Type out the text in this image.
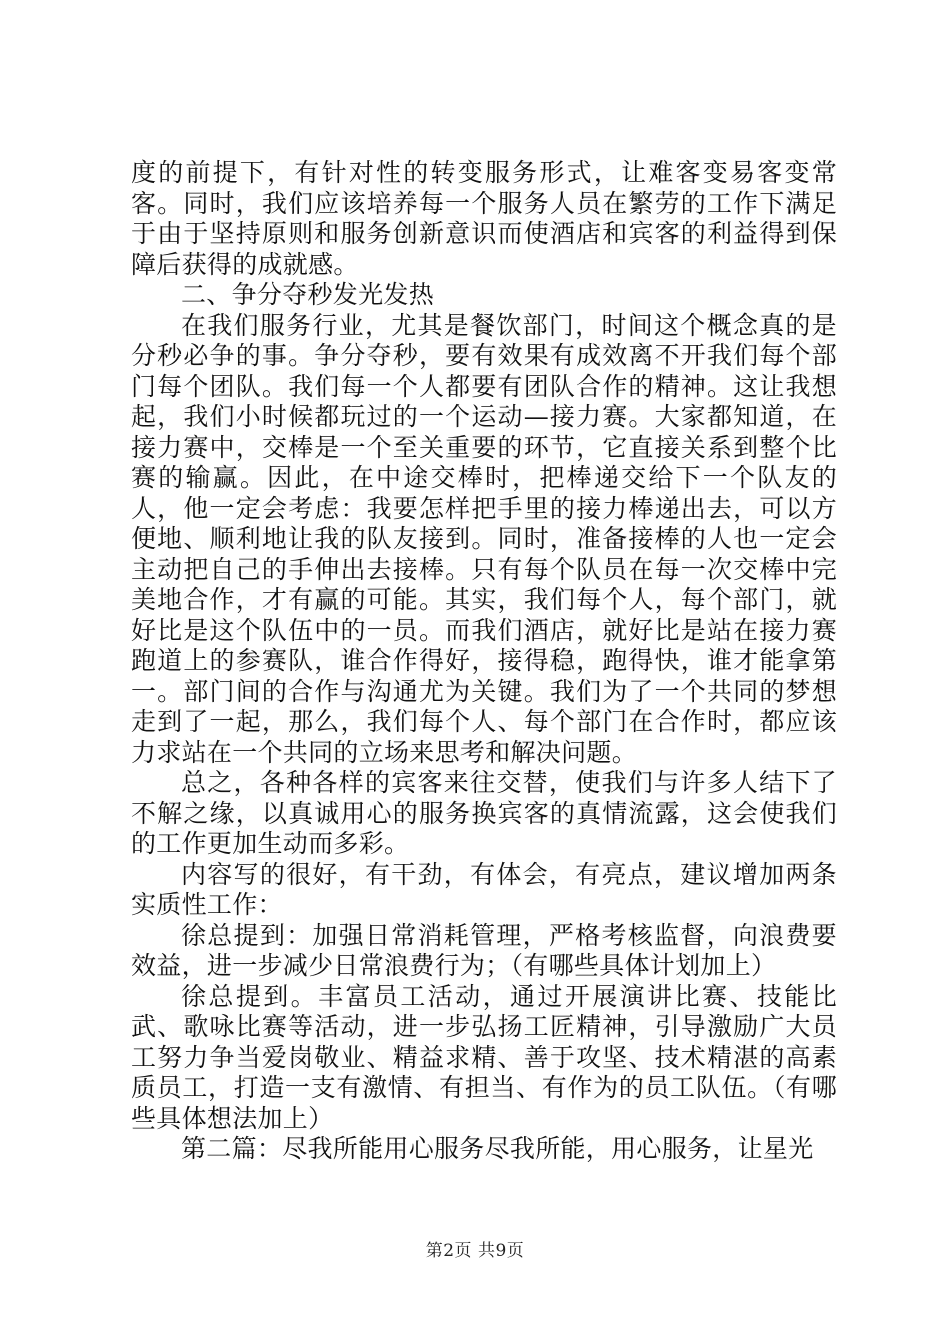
度的前提下，有针对性的转变服务形式，让难客变易客变常客。同时，我们应该培养每一个服务人员在繁劳的工作下满足于由于坚持原则和服务创新意识而使酒店和宾客的利益得到保障后获得的成就感。

二、争分夺秒发光发热

在我们服务行业，尤其是餐饮部门，时间这个概念真的是分秒必争的事。争分夺秒，要有效果有成效离不开我们每个部门每个团队。我们每一个人都要有团队合作的精神。这让我想起，我们小时候都玩过的一个运动—接力赛。大家都知道，在接力赛中，交棒是一个至关重要的环节，它直接关系到整个比赛的输赢。因此，在中途交棒时，把棒递交给下一个队友的人，他一定会考虑：我要怎样把手里的接力棒递出去，可以方便地、顺利地让我的队友接到。同时，准备接棒的人也一定会主动把自己的手伸出去接棒。只有每个队员在每一次交棒中完美地合作，才有赢的可能。其实，我们每个人，每个部门，就好比是这个队伍中的一员。而我们酒店，就好比是站在接力赛跑道上的参赛队，谁合作得好，接得稳，跑得快，谁才能拿第一。部门间的合作与沟通尤为关键。我们为了一个共同的梦想走到了一起，那么，我们每个人、每个部门在合作时，都应该力求站在一个共同的立场来思考和解决问题。

总之，各种各样的宾客来往交替，使我们与许多人结下了不解之缘，以真诚用心的服务换宾客的真情流露，这会使我们的工作更加生动而多彩。

内容写的很好，有干劲，有体会，有亮点，建议增加两条实质性工作：

徐总提到：加强日常消耗管理，严格考核监督，向浪费要效益，进一步减少日常浪费行为；（有哪些具体计划加上）

徐总提到。丰富员工活动，通过开展演讲比赛、技能比武、歌咏比赛等活动，进一步弘扬工匠精神，引导激励广大员工努力争当爱岗敬业、精益求精、善于攻坚、技术精湛的高素质员工，打造一支有激情、有担当、有作为的员工队伍。（有哪些具体想法加上）

第二篇：尽我所能用心服务尽我所能，用心服务，让星光

第2页 共9页
